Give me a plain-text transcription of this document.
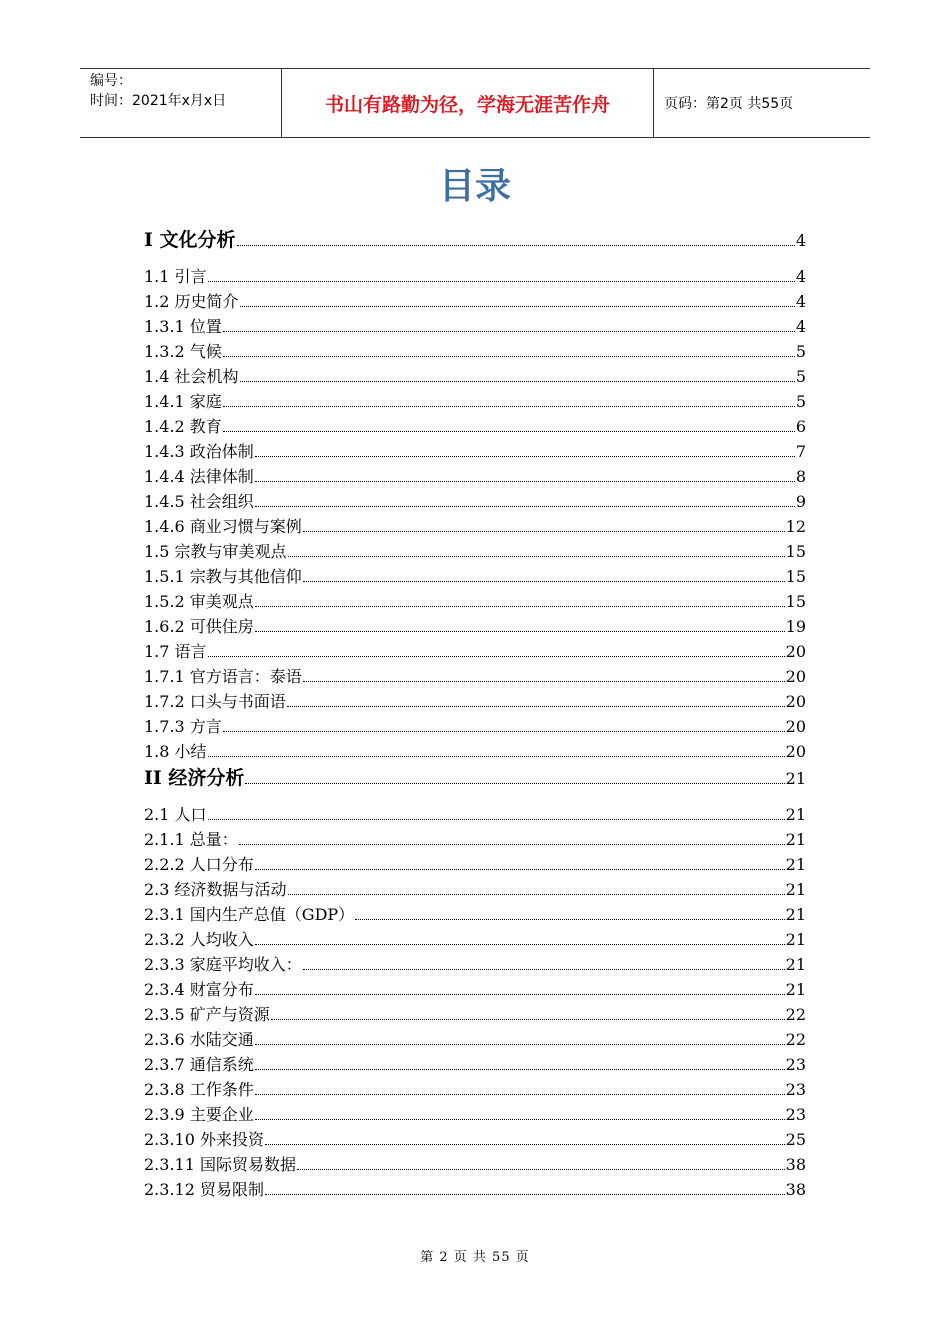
编号：
时间：2021年x月x日	书山有路勤为径，学海无涯苦作舟	页码：第2页 共55页
目录
I 文化分析	4
1.1 引言	4
1.2 历史简介	4
1.3.1 位置	4
1.3.2 气候	5
1.4 社会机构	5
1.4.1 家庭	5
1.4.2 教育	6
1.4.3 政治体制	7
1.4.4 法律体制	8
1.4.5 社会组织	9
1.4.6 商业习惯与案例	12
1.5 宗教与审美观点	15
1.5.1 宗教与其他信仰	15
1.5.2 审美观点	15
1.6.2 可供住房	19
1.7 语言	20
1.7.1 官方语言：泰语	20
1.7.2 口头与书面语	20
1.7.3 方言	20
1.8 小结	20
II 经济分析	21
2.1 人口	21
2.1.1 总量：	21
2.2.2 人口分布	21
2.3 经济数据与活动	21
2.3.1 国内生产总值（GDP）	21
2.3.2 人均收入	21
2.3.3 家庭平均收入：	21
2.3.4 财富分布	21
2.3.5 矿产与资源	22
2.3.6 水陆交通	22
2.3.7 通信系统	23
2.3.8 工作条件	23
2.3.9 主要企业	23
2.3.10 外来投资	25
2.3.11 国际贸易数据	38
2.3.12 贸易限制	38
第 2 页 共 55 页
